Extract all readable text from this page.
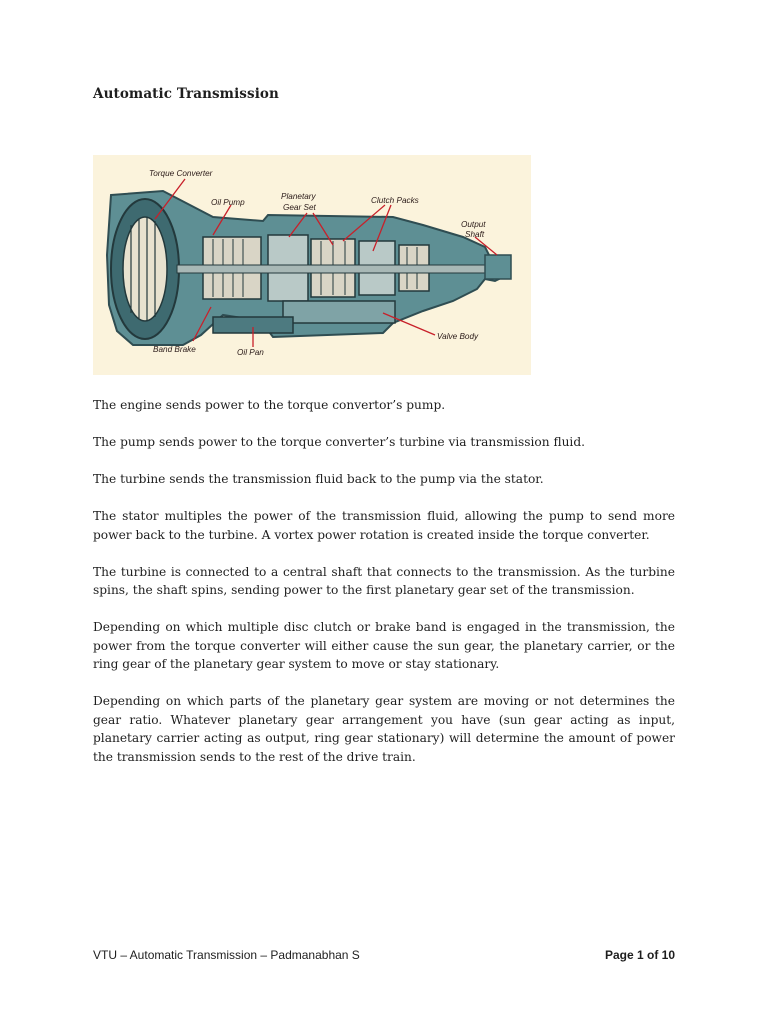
Automatic Transmission
Torque Converter
Oil Pump
Planetary
Gear Set
Clutch Packs
Output
Shaft
Band Brake	Oil Pan
Valve Body

The engine sends power to the torque convertor’s pump.

The pump sends power to the torque converter’s turbine via transmission fluid.

The turbine sends the transmission fluid back to the pump via the stator.

The stator multiples the power of the transmission fluid, allowing the pump to send more power back to the turbine. A vortex power rotation is created inside the torque converter.

The turbine is connected to a central shaft that connects to the transmission. As the turbine spins, the shaft spins, sending power to the first planetary gear set of the transmission.

Depending on which multiple disc clutch or brake band is engaged in the transmission, the power from the torque converter will either cause the sun gear, the planetary carrier, or the ring gear of the planetary gear system to move or stay stationary.

Depending on which parts of the planetary gear system are moving or not determines the gear ratio. Whatever planetary gear arrangement you have (sun gear acting as input, planetary carrier acting as output, ring gear stationary) will determine the amount of power the transmission sends to the rest of the drive train.

VTU – Automatic Transmission – Padmanabhan S	Page 1 of 10
